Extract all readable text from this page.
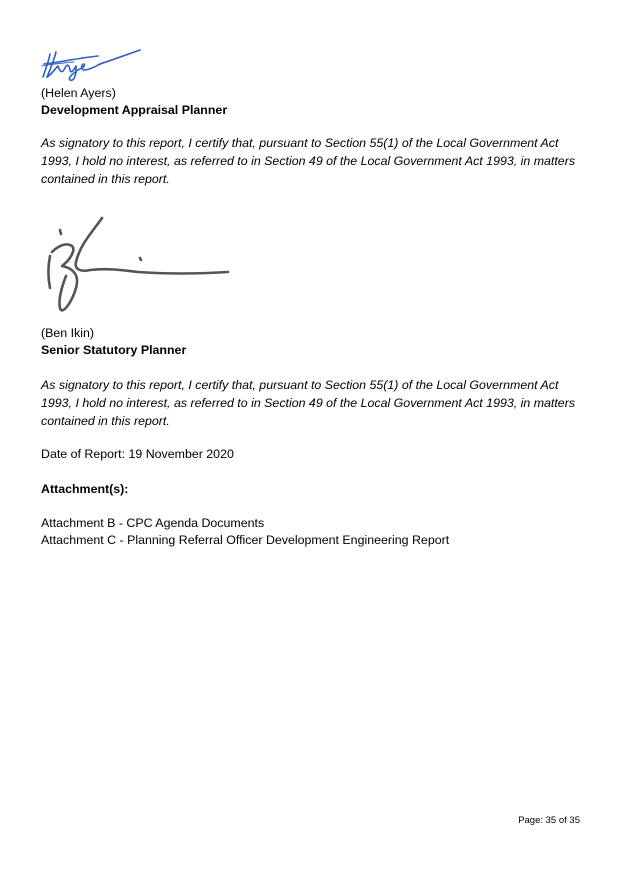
(Helen Ayers)
Development Appraisal Planner
As signatory to this report, I certify that, pursuant to Section 55(1) of the Local Government Act
1993, I hold no interest, as referred to in Section 49 of the Local Government Act 1993, in matters
contained in this report.
(Ben Ikin)
Senior Statutory Planner
As signatory to this report, I certify that, pursuant to Section 55(1) of the Local Government Act
1993, I hold no interest, as referred to in Section 49 of the Local Government Act 1993, in matters
contained in this report.
Date of Report: 19 November 2020
Attachment(s):
Attachment B - CPC Agenda Documents
Attachment C - Planning Referral Officer Development Engineering Report
Page: 35 of 35
